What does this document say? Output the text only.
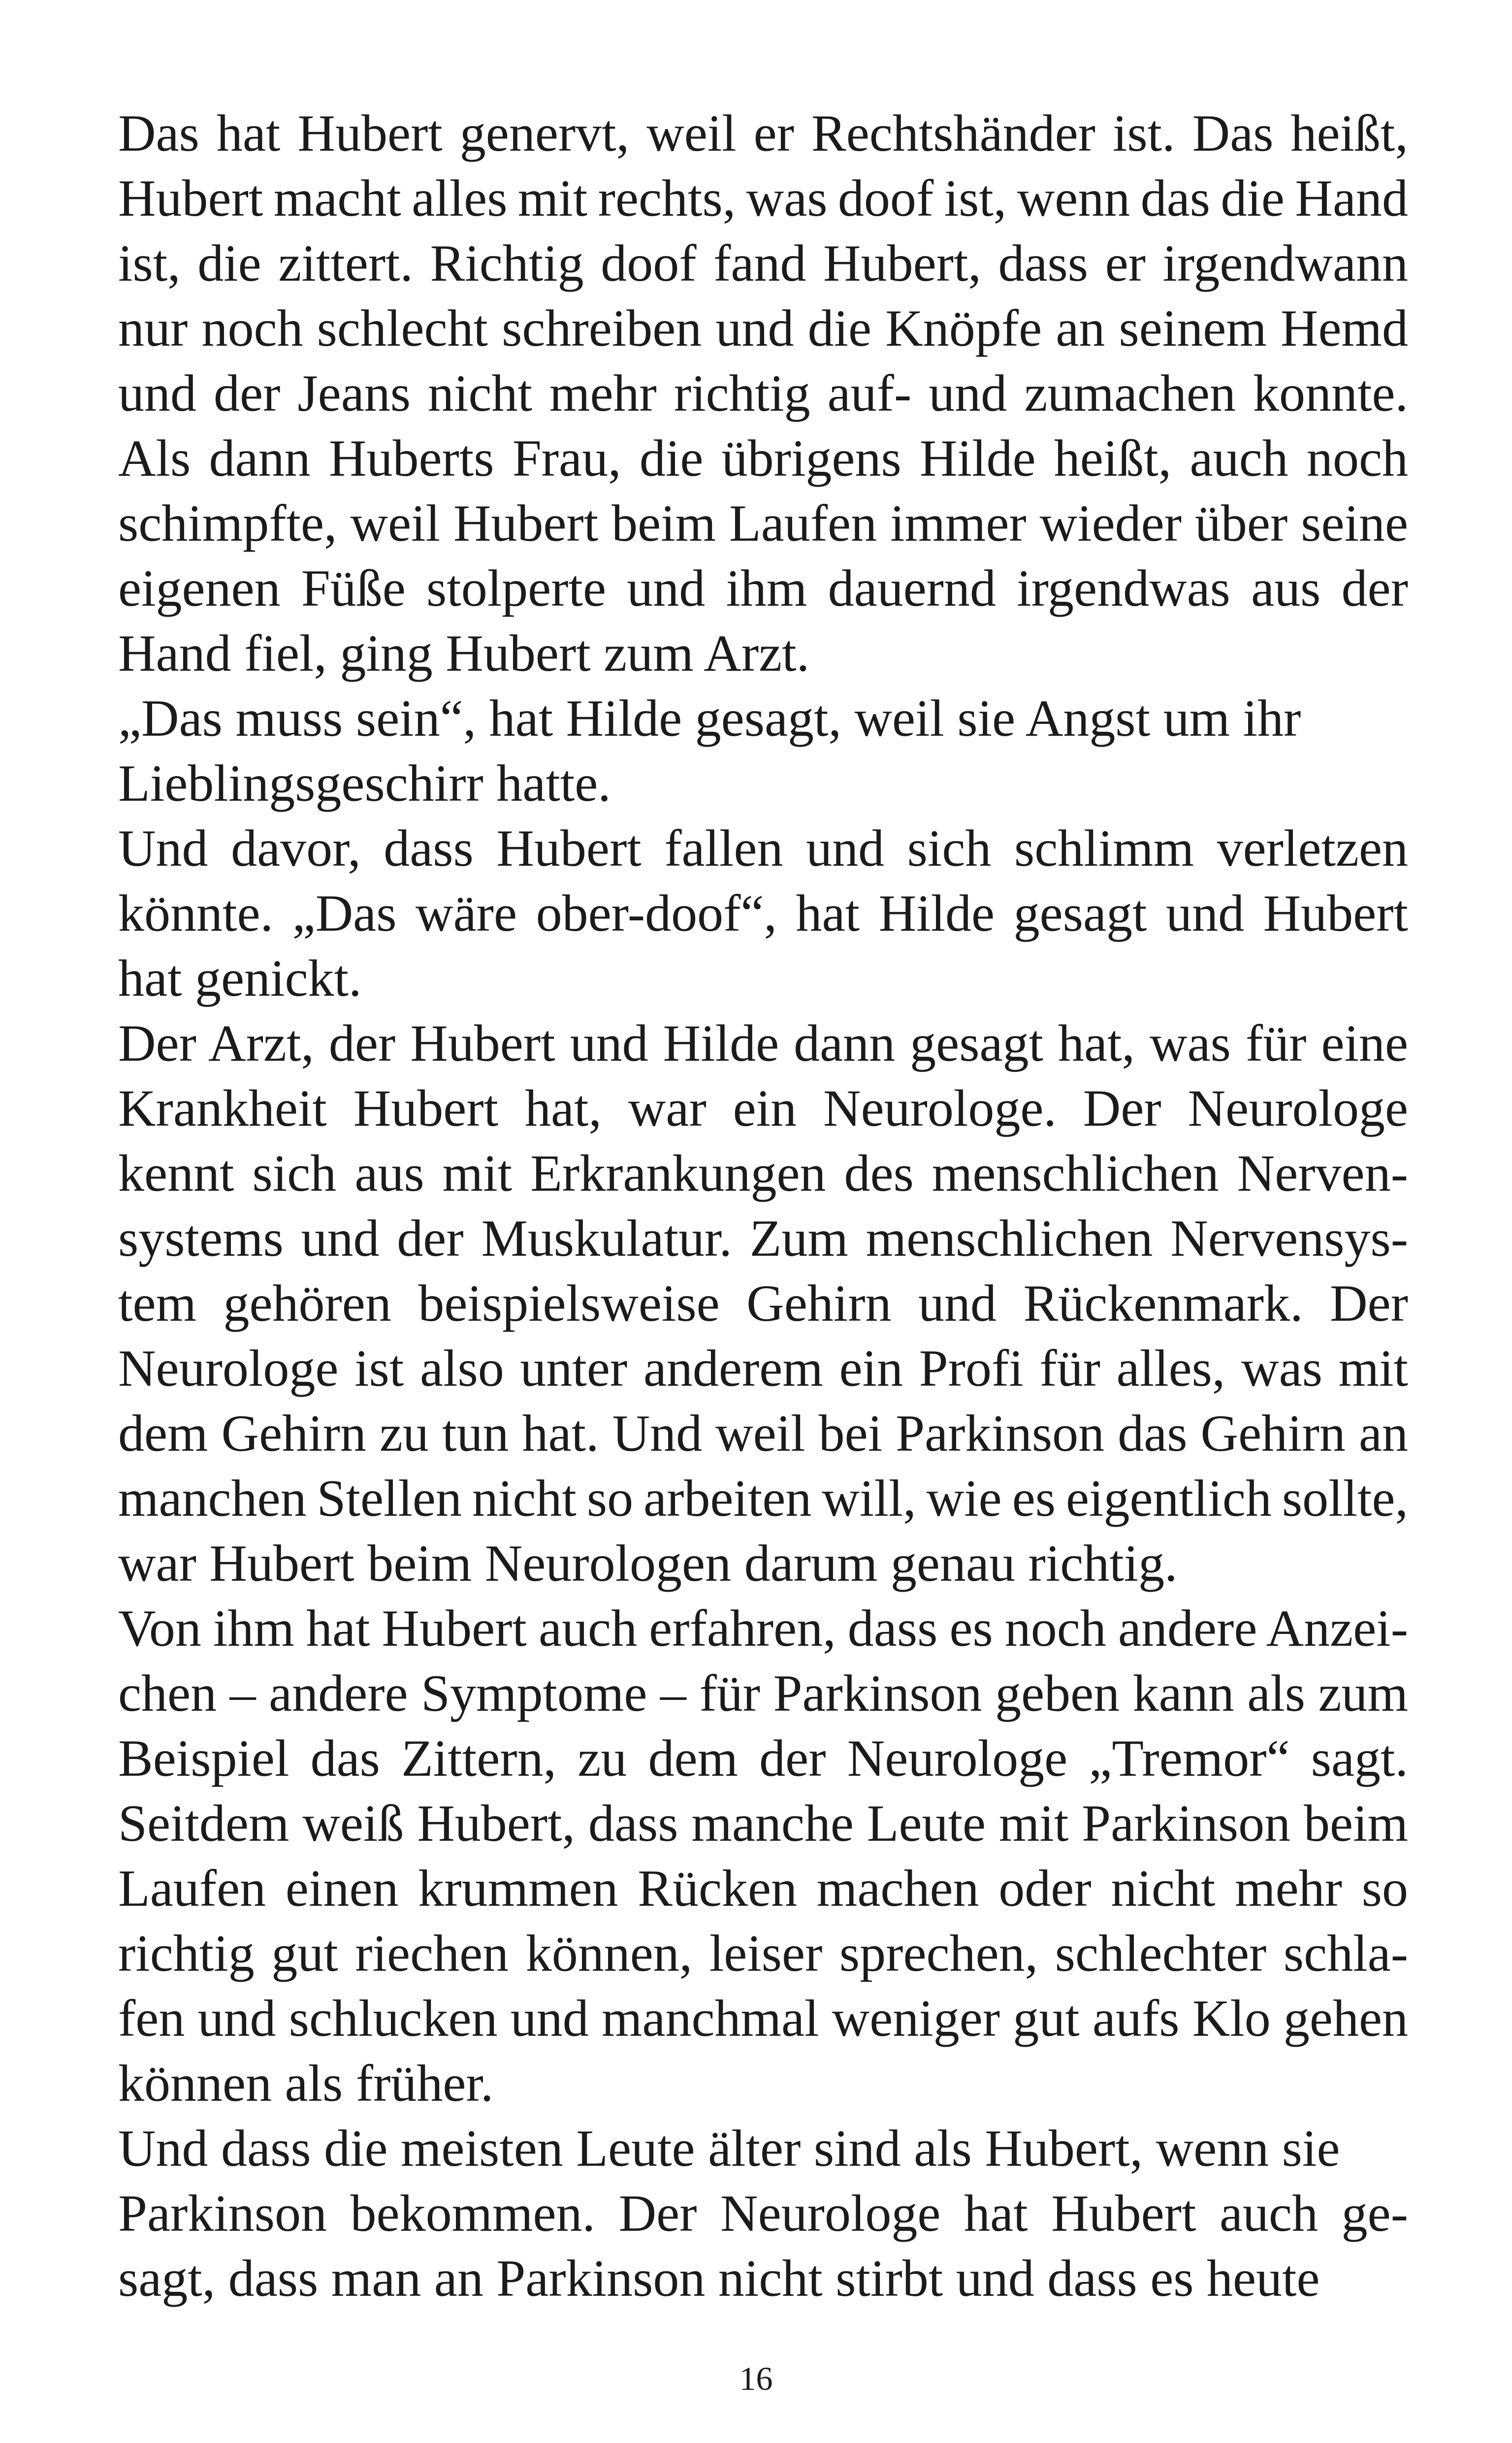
Das hat Hubert genervt, weil er Rechtshänder ist. Das heißt,
Hubert macht alles mit rechts, was doof ist, wenn das die Hand
ist, die zittert. Richtig doof fand Hubert, dass er irgendwann
nur noch schlecht schreiben und die Knöpfe an seinem Hemd
und der Jeans nicht mehr richtig auf- und zumachen konnte.
Als dann Huberts Frau, die übrigens Hilde heißt, auch noch
schimpfte, weil Hubert beim Laufen immer wieder über seine
eigenen Füße stolperte und ihm dauernd irgendwas aus der
Hand fiel, ging Hubert zum Arzt.
„Das muss sein“, hat Hilde gesagt, weil sie Angst um ihr
Lieblingsgeschirr hatte.
Und davor, dass Hubert fallen und sich schlimm verletzen
könnte. „Das wäre ober-doof“, hat Hilde gesagt und Hubert
hat genickt.
Der Arzt, der Hubert und Hilde dann gesagt hat, was für eine
Krankheit Hubert hat, war ein Neurologe. Der Neurologe
kennt sich aus mit Erkrankungen des menschlichen Nerven-
systems und der Muskulatur. Zum menschlichen Nervensys-
tem gehören beispielsweise Gehirn und Rückenmark. Der
Neurologe ist also unter anderem ein Profi für alles, was mit
dem Gehirn zu tun hat. Und weil bei Parkinson das Gehirn an
manchen Stellen nicht so arbeiten will, wie es eigentlich sollte,
war Hubert beim Neurologen darum genau richtig.
Von ihm hat Hubert auch erfahren, dass es noch andere Anzei-
chen – andere Symptome – für Parkinson geben kann als zum
Beispiel das Zittern, zu dem der Neurologe „Tremor“ sagt.
Seitdem weiß Hubert, dass manche Leute mit Parkinson beim
Laufen einen krummen Rücken machen oder nicht mehr so
richtig gut riechen können, leiser sprechen, schlechter schla-
fen und schlucken und manchmal weniger gut aufs Klo gehen
können als früher.
Und dass die meisten Leute älter sind als Hubert, wenn sie
Parkinson bekommen. Der Neurologe hat Hubert auch ge-
sagt, dass man an Parkinson nicht stirbt und dass es heute
16
